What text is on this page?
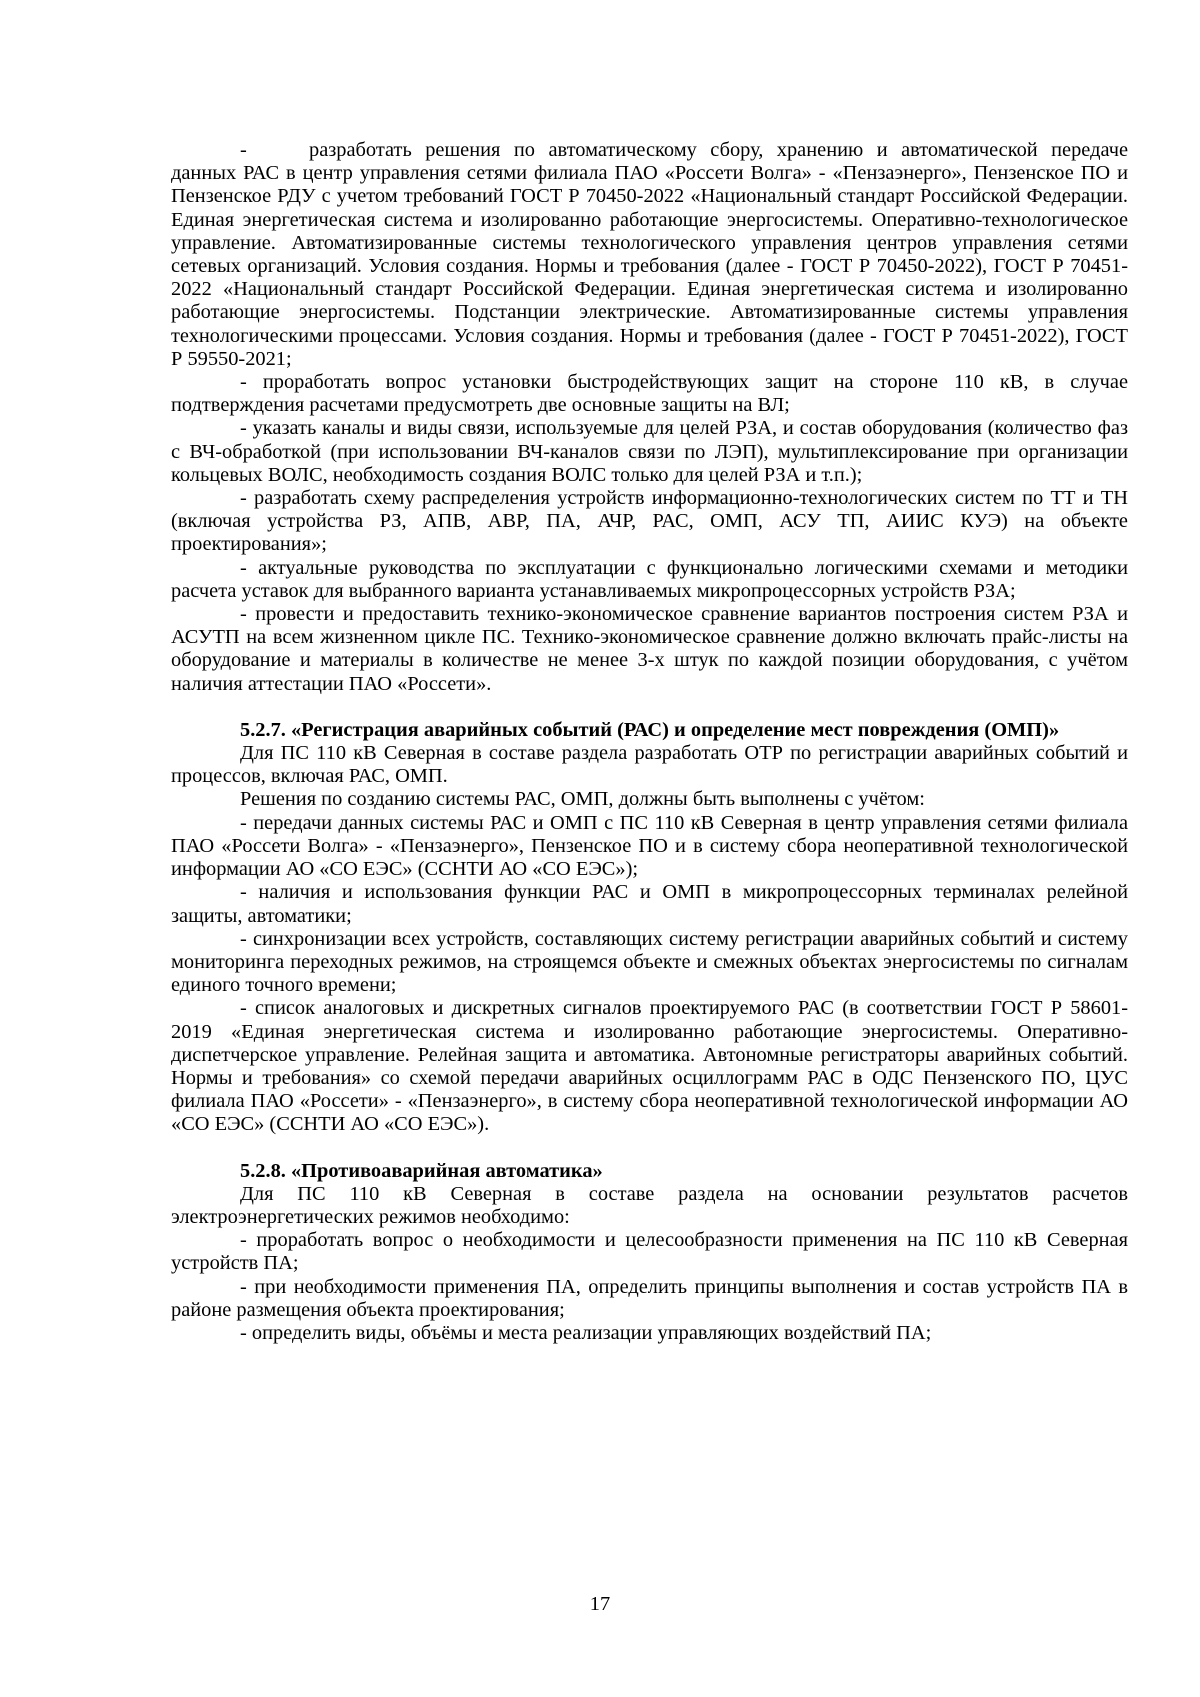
-	разработать решения по автоматическому сбору, хранению и автоматической передаче данных РАС в центр управления сетями филиала ПАО «Россети Волга» - «Пензаэнерго», Пензенское ПО и Пензенское РДУ с учетом требований ГОСТ Р 70450-2022 «Национальный стандарт Российской Федерации. Единая энергетическая система и изолированно работающие энергосистемы. Оперативно-технологическое управление. Автоматизированные системы технологического управления центров управления сетями сетевых организаций. Условия создания. Нормы и требования (далее - ГОСТ Р 70450-2022), ГОСТ Р 70451-2022 «Национальный стандарт Российской Федерации. Единая энергетическая система и изолированно работающие энергосистемы. Подстанции электрические. Автоматизированные системы управления технологическими процессами. Условия создания. Нормы и требования (далее - ГОСТ Р 70451-2022), ГОСТ Р 59550-2021;

- проработать вопрос установки быстродействующих защит на стороне 110 кВ, в случае подтверждения расчетами предусмотреть две основные защиты на ВЛ;

- указать каналы и виды связи, используемые для целей РЗА, и состав оборудования (количество фаз с ВЧ-обработкой (при использовании ВЧ-каналов связи по ЛЭП), мультиплексирование при организации кольцевых ВОЛС, необходимость создания ВОЛС только для целей РЗА и т.п.);

- разработать схему распределения устройств информационно-технологических систем по ТТ и ТН (включая устройства РЗ, АПВ, АВР, ПА, АЧР, РАС, ОМП, АСУ ТП, АИИС КУЭ) на объекте проектирования»;

- актуальные руководства по эксплуатации с функционально логическими схемами и методики расчета уставок для выбранного варианта устанавливаемых микропроцессорных устройств РЗА;

- провести и предоставить технико-экономическое сравнение вариантов построения систем РЗА и АСУТП на всем жизненном цикле ПС. Технико-экономическое сравнение должно включать прайс-листы на оборудование и материалы в количестве не менее 3-х штук по каждой позиции оборудования, с учётом наличия аттестации ПАО «Россети».

5.2.7. «Регистрация аварийных событий (РАС) и определение мест повреждения (ОМП)»

Для ПС 110 кВ Северная в составе раздела разработать ОТР по регистрации аварийных событий и процессов, включая РАС, ОМП.

Решения по созданию системы РАС, ОМП, должны быть выполнены с учётом:

- передачи данных системы РАС и ОМП с ПС 110 кВ Северная в центр управления сетями филиала ПАО «Россети Волга» - «Пензаэнерго», Пензенское ПО и в систему сбора неоперативной технологической информации АО «СО ЕЭС» (ССНТИ АО «СО ЕЭС»);

- наличия и использования функции РАС и ОМП в микропроцессорных терминалах релейной защиты, автоматики;

- синхронизации всех устройств, составляющих систему регистрации аварийных событий и систему мониторинга переходных режимов, на строящемся объекте и смежных объектах энергосистемы по сигналам единого точного времени;

- список аналоговых и дискретных сигналов проектируемого РАС (в соответствии ГОСТ Р 58601-2019 «Единая энергетическая система и изолированно работающие энергосистемы. Оперативно-диспетчерское управление. Релейная защита и автоматика. Автономные регистраторы аварийных событий. Нормы и требования» со схемой передачи аварийных осциллограмм РАС в ОДС Пензенского ПО, ЦУС филиала ПАО «Россети» - «Пензаэнерго», в систему сбора неоперативной технологической информации АО «СО ЕЭС» (ССНТИ АО «СО ЕЭС»).

5.2.8. «Противоаварийная автоматика»

Для ПС 110 кВ Северная в составе раздела на основании результатов расчетов электроэнергетических режимов необходимо:

- проработать вопрос о необходимости и целесообразности применения на ПС 110 кВ Северная устройств ПА;

- при необходимости применения ПА, определить принципы выполнения и состав устройств ПА в районе размещения объекта проектирования;

- определить виды, объёмы и места реализации управляющих воздействий ПА;

17
